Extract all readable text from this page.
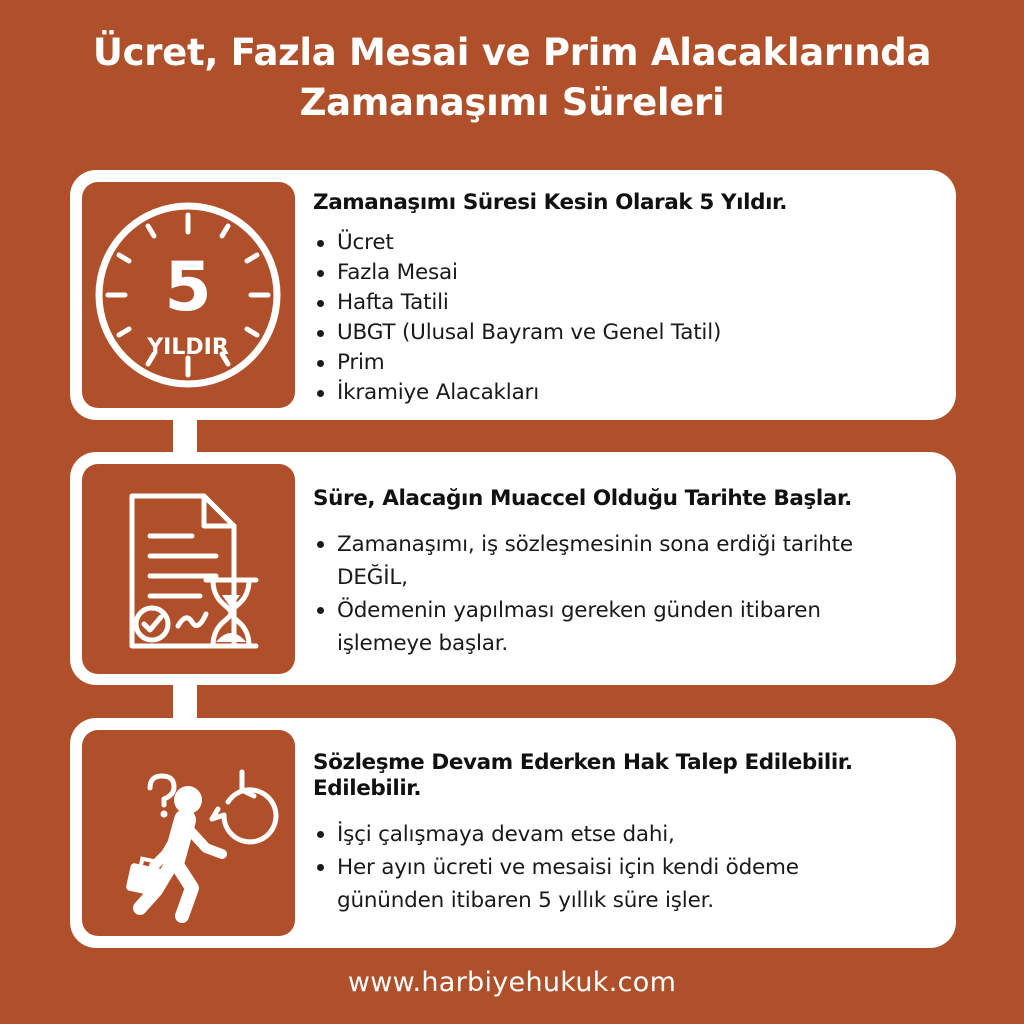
Ücret, Fazla Mesai ve Prim Alacaklarında
Zamanaşımı Süreleri
5
YILDIR
Zamanaşımı Süresi Kesin Olarak 5 Yıldır.
Ücret
Fazla Mesai
Hafta Tatili
UBGT (Ulusal Bayram ve Genel Tatil)
Prim
İkramiye Alacakları
Süre, Alacağın Muaccel Olduğu Tarihte Başlar.
Zamanaşımı, iş sözleşmesinin sona erdiği tarihte DEĞİL,
Ödemenin yapılması gereken günden itibaren işlemeye başlar.
Sözleşme Devam Ederken Hak Talep Edilebilir.
Edilebilir.
İşçi çalışmaya devam etse dahi,
Her ayın ücreti ve mesaisi için kendi ödeme gününden itibaren 5 yıllık süre işler.
www.harbiyehukuk.com
